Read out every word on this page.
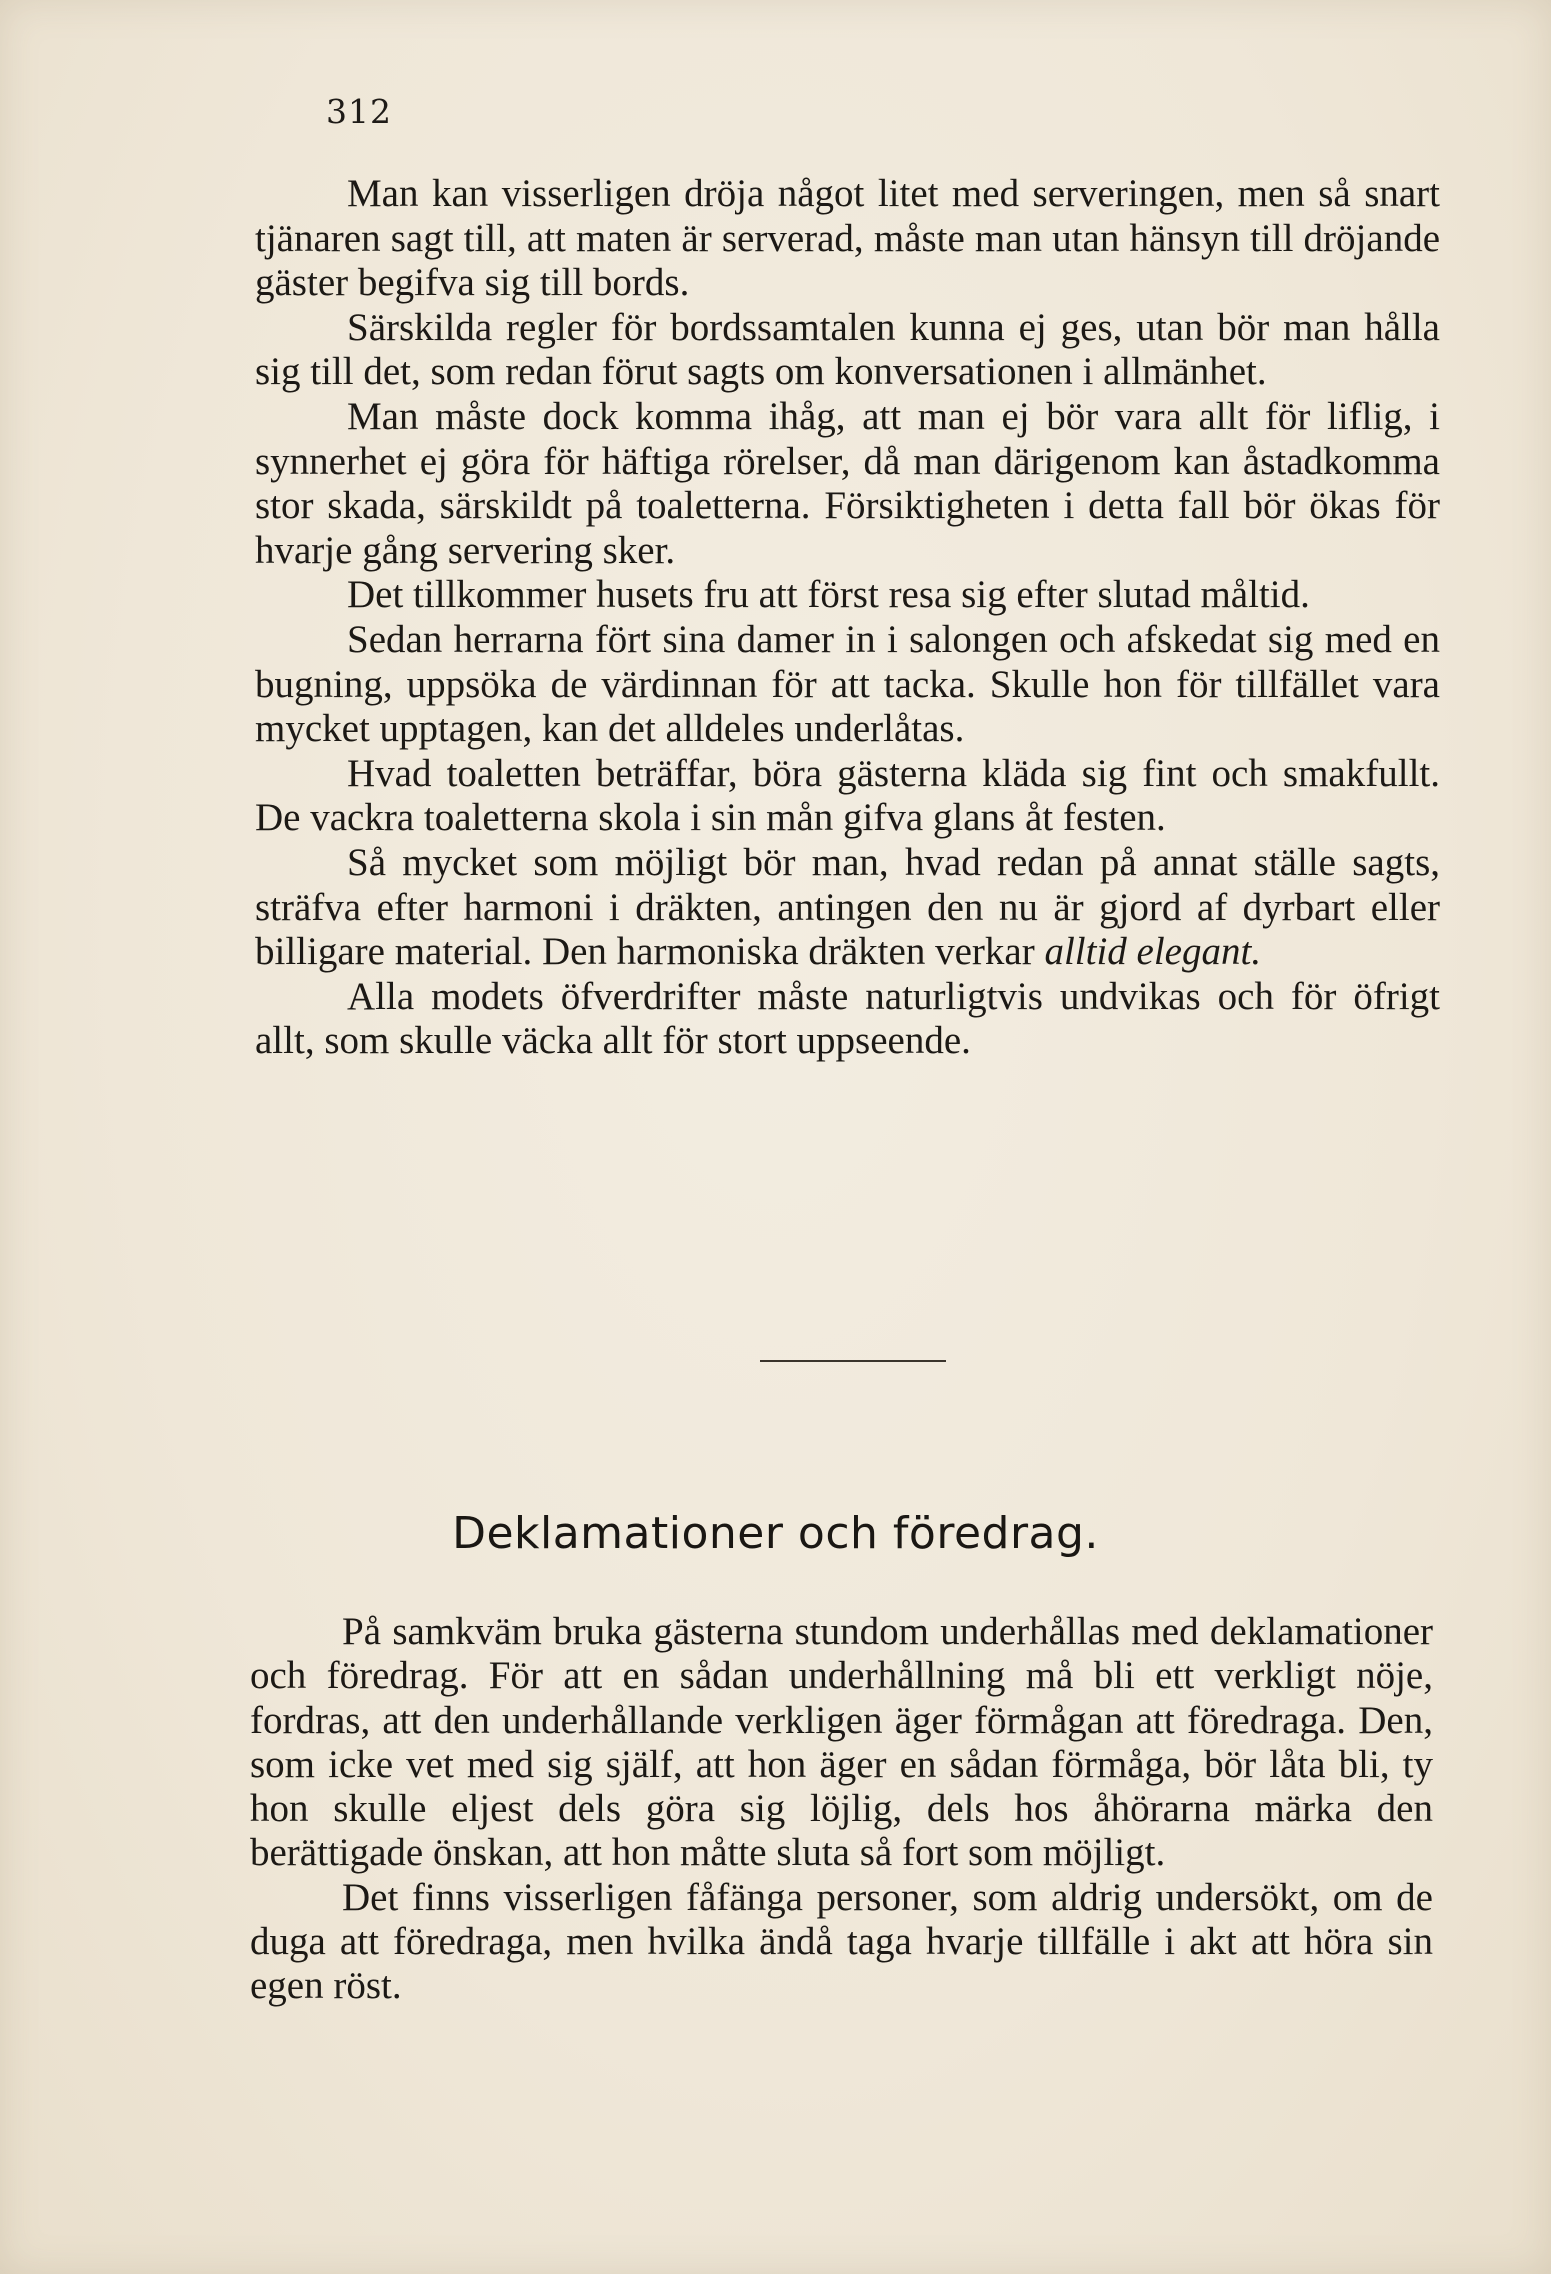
312

Man kan visserligen dröja något litet med serveringen, men så snart tjänaren sagt till, att maten är serverad, måste man utan hänsyn till dröjande gäster begifva sig till bords.

Särskilda regler för bordssamtalen kunna ej ges, utan bör man hålla sig till det, som redan förut sagts om konversationen i allmänhet.

Man måste dock komma ihåg, att man ej bör vara allt för liflig, i synnerhet ej göra för häftiga rörelser, då man därigenom kan åstadkomma stor skada, särskildt på toaletterna. Försiktigheten i detta fall bör ökas för hvarje gång servering sker.

Det tillkommer husets fru att först resa sig efter slutad måltid.

Sedan herrarna fört sina damer in i salongen och afskedat sig med en bugning, uppsöka de värdinnan för att tacka. Skulle hon för tillfället vara mycket upptagen, kan det alldeles underlåtas.

Hvad toaletten beträffar, böra gästerna kläda sig fint och smakfullt. De vackra toaletterna skola i sin mån gifva glans åt festen.

Så mycket som möjligt bör man, hvad redan på annat ställe sagts, sträfva efter harmoni i dräkten, antingen den nu är gjord af dyrbart eller billigare material. Den harmoniska dräkten verkar alltid elegant.

Alla modets öfverdrifter måste naturligtvis undvikas och för öfrigt allt, som skulle väcka allt för stort uppseende.

Deklamationer och föredrag.

På samkväm bruka gästerna stundom underhållas med deklamationer och föredrag. För att en sådan underhållning må bli ett verkligt nöje, fordras, att den underhållande verkligen äger förmågan att föredraga. Den, som icke vet med sig själf, att hon äger en sådan förmåga, bör låta bli, ty hon skulle eljest dels göra sig löjlig, dels hos åhörarna märka den berättigade önskan, att hon måtte sluta så fort som möjligt.

Det finns visserligen fåfänga personer, som aldrig undersökt, om de duga att föredraga, men hvilka ändå taga hvarje tillfälle i akt att höra sin egen röst.
